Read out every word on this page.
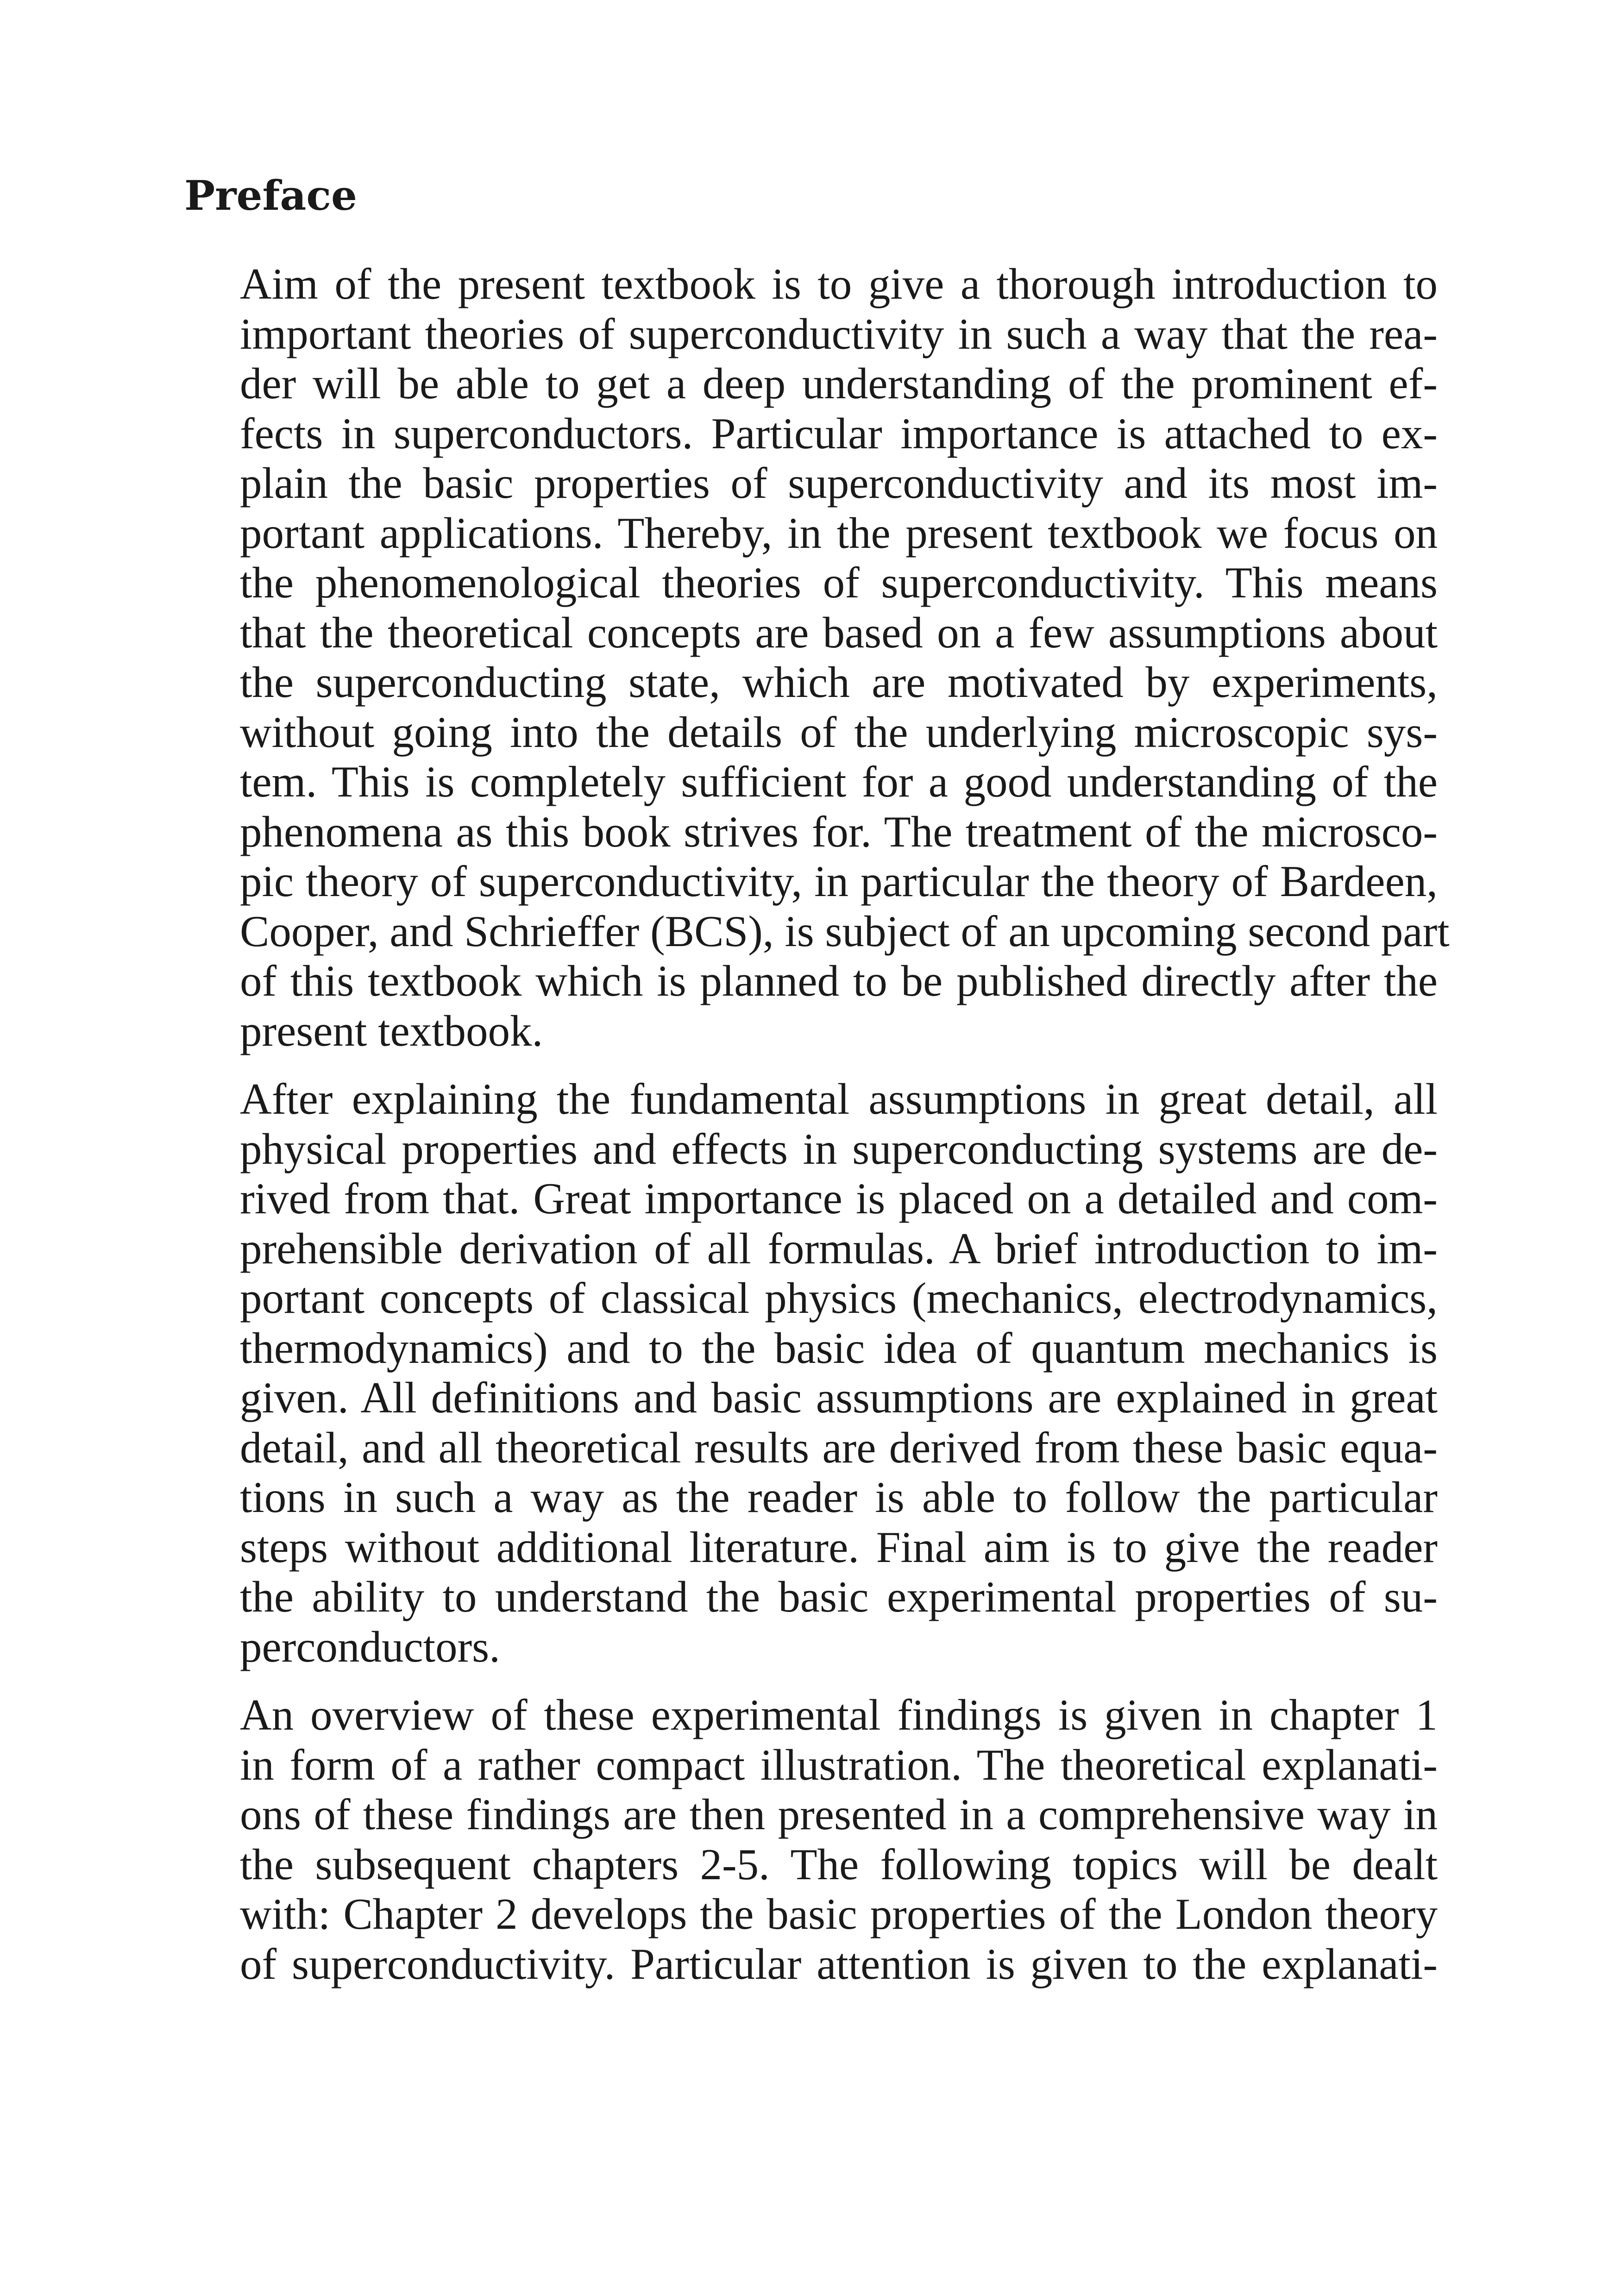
Preface

Aim of the present textbook is to give a thorough introduction to
important theories of superconductivity in such a way that the rea-
der will be able to get a deep understanding of the prominent ef-
fects in superconductors. Particular importance is attached to ex-
plain the basic properties of superconductivity and its most im-
portant applications. Thereby, in the present textbook we focus on
the phenomenological theories of superconductivity. This means
that the theoretical concepts are based on a few assumptions about
the superconducting state, which are motivated by experiments,
without going into the details of the underlying microscopic sys-
tem. This is completely sufficient for a good understanding of the
phenomena as this book strives for. The treatment of the microsco-
pic theory of superconductivity, in particular the theory of Bardeen,
Cooper, and Schrieffer (BCS), is subject of an upcoming second part
of this textbook which is planned to be published directly after the
present textbook.

After explaining the fundamental assumptions in great detail, all
physical properties and effects in superconducting systems are de-
rived from that. Great importance is placed on a detailed and com-
prehensible derivation of all formulas. A brief introduction to im-
portant concepts of classical physics (mechanics, electrodynamics,
thermodynamics) and to the basic idea of quantum mechanics is
given. All definitions and basic assumptions are explained in great
detail, and all theoretical results are derived from these basic equa-
tions in such a way as the reader is able to follow the particular
steps without additional literature. Final aim is to give the reader
the ability to understand the basic experimental properties of su-
perconductors.

An overview of these experimental findings is given in chapter 1
in form of a rather compact illustration. The theoretical explanati-
ons of these findings are then presented in a comprehensive way in
the subsequent chapters 2-5. The following topics will be dealt
with: Chapter 2 develops the basic properties of the London theory
of superconductivity. Particular attention is given to the explanati-
